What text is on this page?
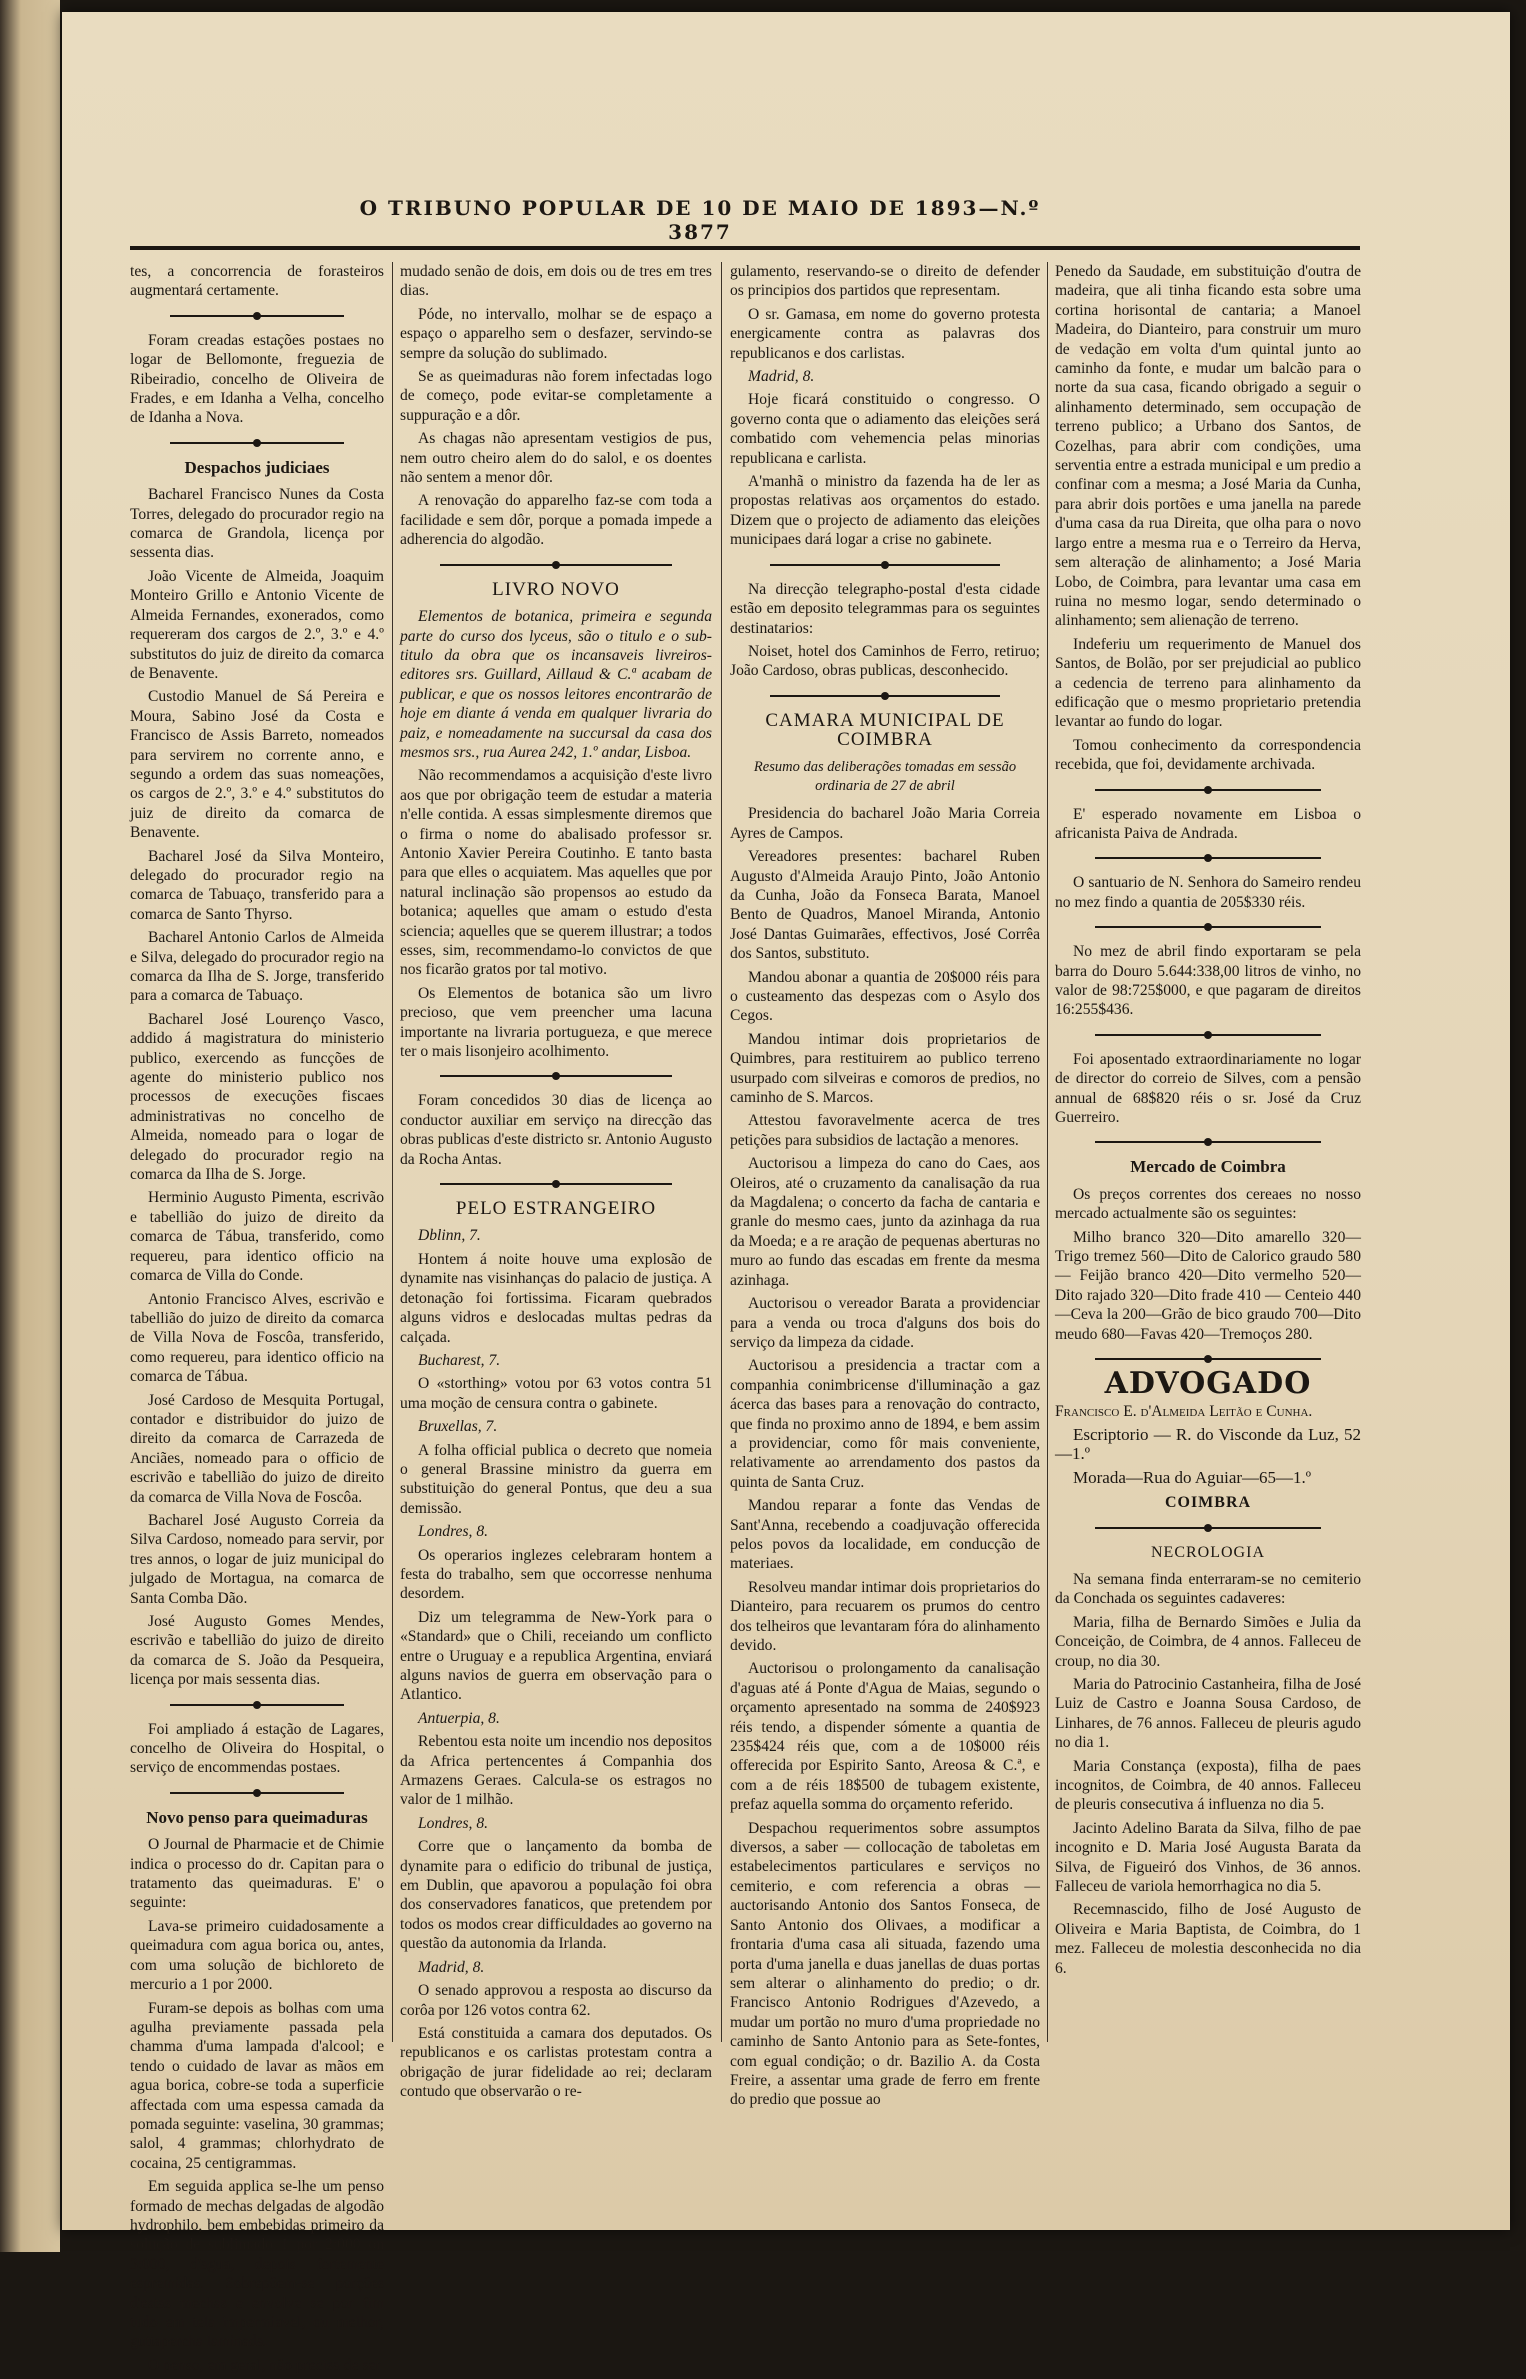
O TRIBUNO POPULAR DE 10 DE MAIO DE 1893—N.º 3877

tes, a concorrencia de forasteiros augmentará certamente.

Foram creadas estações postaes no logar de Bellomonte, freguezia de Ribeiradio, concelho de Oliveira de Frades, e em Idanha a Velha, concelho de Idanha a Nova.

Despachos judiciaes

Bacharel Francisco Nunes da Costa Torres, delegado do procurador regio na comarca de Grandola, licença por sessenta dias.

João Vicente de Almeida, Joaquim Monteiro Grillo e Antonio Vicente de Almeida Fernandes, exonerados, como requereram dos cargos de 2.º, 3.º e 4.º substitutos do juiz de direito da comarca de Benavente.

Custodio Manuel de Sá Pereira e Moura, Sabino José da Costa e Francisco de Assis Barreto, nomeados para servirem no corrente anno, e segundo a ordem das suas nomeações, os cargos de 2.º, 3.º e 4.º substitutos do juiz de direito da comarca de Benavente.

Bacharel José da Silva Monteiro, delegado do procurador regio na comarca de Tabuaço, transferido para a comarca de Santo Thyrso.

Bacharel Antonio Carlos de Almeida e Silva, delegado do procurador regio na comarca da Ilha de S. Jorge, transferido para a comarca de Tabuaço.

Bacharel José Lourenço Vasco, addido á magistratura do ministerio publico, exercendo as funcções de agente do ministerio publico nos processos de execuções fiscaes administrativas no concelho de Almeida, nomeado para o logar de delegado do procurador regio na comarca da Ilha de S. Jorge.

Herminio Augusto Pimenta, escrivão e tabellião do juizo de direito da comarca de Tábua, transferido, como requereu, para identico officio na comarca de Villa do Conde.

Antonio Francisco Alves, escrivão e tabellião do juizo de direito da comarca de Villa Nova de Foscôa, transferido, como requereu, para identico officio na comarca de Tábua.

José Cardoso de Mesquita Portugal, contador e distribuidor do juizo de direito da comarca de Carrazeda de Anciães, nomeado para o officio de escrivão e tabellião do juizo de direito da comarca de Villa Nova de Foscôa.

Bacharel José Augusto Correia da Silva Cardoso, nomeado para servir, por tres annos, o logar de juiz municipal do julgado de Mortagua, na comarca de Santa Comba Dão.

José Augusto Gomes Mendes, escrivão e tabellião do juizo de direito da comarca de S. João da Pesqueira, licença por mais sessenta dias.

Foi ampliado á estação de Lagares, concelho de Oliveira do Hospital, o serviço de encommendas postaes.

Novo penso para queimaduras

O Journal de Pharmacie et de Chimie indica o processo do dr. Capitan para o tratamento das queimaduras. E' o seguinte:

Lava-se primeiro cuidadosamente a queimadura com agua borica ou, antes, com uma solução de bichloreto de mercurio a 1 por 2000.

Furam-se depois as bolhas com uma agulha previamente passada pela chamma d'uma lampada d'alcool; e tendo o cuidado de lavar as mãos em agua borica, cobre-se toda a superficie affectada com uma espessa camada da pomada seguinte: vaselina, 30 grammas; salol, 4 grammas; chlorhydrato de cocaina, 25 centigrammas.

Em seguida applica se-lhe um penso formado de mechas delgadas de algodão hydrophilo, bem embebidas primeiro da solução de sublimado 1 por 2:000 on 3:000, d'agua, depois fortemente espremidas. Sobrepõem-se porções d'estas mechas e envolve se por fim tudo em tela impermiavel, ou melhor, guttapercha laminada.

O penso, em geral, não precisa de ser

mudado senão de dois, em dois ou de tres em tres dias.

Póde, no intervallo, molhar se de espaço a espaço o apparelho sem o desfazer, servindo-se sempre da solução do sublimado.

Se as queimaduras não forem infectadas logo de começo, pode evitar-se completamente a suppuração e a dôr.

As chagas não apresentam vestigios de pus, nem outro cheiro alem do do salol, e os doentes não sentem a menor dôr.

A renovação do apparelho faz-se com toda a facilidade e sem dôr, porque a pomada impede a adherencia do algodão.

LIVRO NOVO

Elementos de botanica, primeira e segunda parte do curso dos lyceus, são o titulo e o sub-titulo da obra que os incansaveis livreiros-editores srs. Guillard, Aillaud & C.ª acabam de publicar, e que os nossos leitores encontrarão de hoje em diante á venda em qualquer livraria do paiz, e nomeadamente na succursal da casa dos mesmos srs., rua Aurea 242, 1.º andar, Lisboa.

Não recommendamos a acquisição d'este livro aos que por obrigação teem de estudar a materia n'elle contida. A essas simplesmente diremos que o firma o nome do abalisado professor sr. Antonio Xavier Pereira Coutinho. E tanto basta para que elles o acquiatem. Mas aquelles que por natural inclinação são propensos ao estudo da botanica; aquelles que amam o estudo d'esta sciencia; aquelles que se querem illustrar; a todos esses, sim, recommendamo-lo convictos de que nos ficarão gratos por tal motivo.

Os Elementos de botanica são um livro precioso, que vem preencher uma lacuna importante na livraria portugueza, e que merece ter o mais lisonjeiro acolhimento.

Foram concedidos 30 dias de licença ao conductor auxiliar em serviço na direcção das obras publicas d'este districto sr. Antonio Augusto da Rocha Antas.

PELO ESTRANGEIRO

Dblinn, 7.

Hontem á noite houve uma explosão de dynamite nas visinhanças do palacio de justiça. A detonação foi fortissima. Ficaram quebrados alguns vidros e deslocadas multas pedras da calçada.

Bucharest, 7.

O «storthing» votou por 63 votos contra 51 uma moção de censura contra o gabinete.

Bruxellas, 7.

A folha official publica o decreto que nomeia o general Brassine ministro da guerra em substituição do general Pontus, que deu a sua demissão.

Londres, 8.

Os operarios inglezes celebraram hontem a festa do trabalho, sem que occorresse nenhuma desordem.

Diz um telegramma de New-York para o «Standard» que o Chili, receiando um conflicto entre o Uruguay e a republica Argentina, enviará alguns navios de guerra em observação para o Atlantico.

Antuerpia, 8.

Rebentou esta noite um incendio nos depositos da Africa pertencentes á Companhia dos Armazens Geraes. Calcula-se os estragos no valor de 1 milhão.

Londres, 8.

Corre que o lançamento da bomba de dynamite para o edificio do tribunal de justiça, em Dublin, que apavorou a população foi obra dos conservadores fanaticos, que pretendem por todos os modos crear difficuldades ao governo na questão da autonomia da Irlanda.

Madrid, 8.

O senado approvou a resposta ao discurso da corôa por 126 votos contra 62.

Está constituida a camara dos deputados. Os republicanos e os carlistas protestam contra a obrigação de jurar fidelidade ao rei; declaram contudo que observarão o re-

gulamento, reservando-se o direito de defender os principios dos partidos que representam.

O sr. Gamasa, em nome do governo protesta energicamente contra as palavras dos republicanos e dos carlistas.

Madrid, 8.

Hoje ficará constituido o congresso. O governo conta que o adiamento das eleições será combatido com vehemencia pelas minorias republicana e carlista.

A'manhã o ministro da fazenda ha de ler as propostas relativas aos orçamentos do estado. Dizem que o projecto de adiamento das eleições municipaes dará logar a crise no gabinete.

Na direcção telegrapho-postal d'esta cidade estão em deposito telegrammas para os seguintes destinatarios:

Noiset, hotel dos Caminhos de Ferro, retiruo; João Cardoso, obras publicas, desconhecido.

CAMARA MUNICIPAL DE COIMBRA
Resumo das deliberações tomadas em sessão ordinaria de 27 de abril

Presidencia do bacharel João Maria Correia Ayres de Campos.

Vereadores presentes: bacharel Ruben Augusto d'Almeida Araujo Pinto, João Antonio da Cunha, João da Fonseca Barata, Manoel Bento de Quadros, Manoel Miranda, Antonio José Dantas Guimarães, effectivos, José Corrêa dos Santos, substituto.

Mandou abonar a quantia de 20$000 réis para o custeamento das despezas com o Asylo dos Cegos.

Mandou intimar dois proprietarios de Quimbres, para restituirem ao publico terreno usurpado com silveiras e comoros de predios, no caminho de S. Marcos.

Attestou favoravelmente acerca de tres petições para subsidios de lactação a menores.

Auctorisou a limpeza do cano do Caes, aos Oleiros, até o cruzamento da canalisação da rua da Magdalena; o concerto da facha de cantaria e granle do mesmo caes, junto da azinhaga da rua da Moeda; e a re aração de pequenas aberturas no muro ao fundo das escadas em frente da mesma azinhaga.

Auctorisou o vereador Barata a providenciar para a venda ou troca d'alguns dos bois do serviço da limpeza da cidade.

Auctorisou a presidencia a tractar com a companhia conimbricense d'illuminação a gaz ácerca das bases para a renovação do contracto, que finda no proximo anno de 1894, e bem assim a providenciar, como fôr mais conveniente, relativamente ao arrendamento dos pastos da quinta de Santa Cruz.

Mandou reparar a fonte das Vendas de Sant'Anna, recebendo a coadjuvação offerecida pelos povos da localidade, em conducção de materiaes.

Resolveu mandar intimar dois proprietarios do Dianteiro, para recuarem os prumos do centro dos telheiros que levantaram fóra do alinhamento devido.

Auctorisou o prolongamento da canalisação d'aguas até á Ponte d'Agua de Maias, segundo o orçamento apresentado na somma de 240$923 réis tendo, a dispender sómente a quantia de 235$424 réis que, com a de 10$000 réis offerecida por Espirito Santo, Areosa & C.ª, e com a de réis 18$500 de tubagem existente, prefaz aquella somma do orçamento referido.

Despachou requerimentos sobre assumptos diversos, a saber — collocação de taboletas em estabelecimentos particulares e serviços no cemiterio, e com referencia a obras — auctorisando Antonio dos Santos Fonseca, de Santo Antonio dos Olivaes, a modificar a frontaria d'uma casa ali situada, fazendo uma porta d'uma janella e duas janellas de duas portas sem alterar o alinhamento do predio; o dr. Francisco Antonio Rodrigues d'Azevedo, a mudar um portão no muro d'uma propriedade no caminho de Santo Antonio para as Sete-fontes, com egual condição; o dr. Bazilio A. da Costa Freire, a assentar uma grade de ferro em frente do predio que possue ao

Penedo da Saudade, em substituição d'outra de madeira, que ali tinha ficando esta sobre uma cortina horisontal de cantaria; a Manoel Madeira, do Dianteiro, para construir um muro de vedação em volta d'um quintal junto ao caminho da fonte, e mudar um balcão para o norte da sua casa, ficando obrigado a seguir o alinhamento determinado, sem occupação de terreno publico; a Urbano dos Santos, de Cozelhas, para abrir com condições, uma serventia entre a estrada municipal e um predio a confinar com a mesma; a José Maria da Cunha, para abrir dois portões e uma janella na parede d'uma casa da rua Direita, que olha para o novo largo entre a mesma rua e o Terreiro da Herva, sem alteração de alinhamento; a José Maria Lobo, de Coimbra, para levantar uma casa em ruina no mesmo logar, sendo determinado o alinhamento; sem alienação de terreno.

Indeferiu um requerimento de Manuel dos Santos, de Bolão, por ser prejudicial ao publico a cedencia de terreno para alinhamento da edificação que o mesmo proprietario pretendia levantar ao fundo do logar.

Tomou conhecimento da correspondencia recebida, que foi, devidamente archivada.

E' esperado novamente em Lisboa o africanista Paiva de Andrada.

O santuario de N. Senhora do Sameiro rendeu no mez findo a quantia de 205$330 réis.

No mez de abril findo exportaram se pela barra do Douro 5.644:338,00 litros de vinho, no valor de 98:725$000, e que pagaram de direitos 16:255$436.

Foi aposentado extraordinariamente no logar de director do correio de Silves, com a pensão annual de 68$820 réis o sr. José da Cruz Guerreiro.

Mercado de Coimbra

Os preços correntes dos cereaes no nosso mercado actualmente são os seguintes:

Milho branco 320—Dito amarello 320—Trigo tremez 560—Dito de Calorico graudo 580 — Feijão branco 420—Dito vermelho 520—Dito rajado 320—Dito frade 410 — Centeio 440—Ceva la 200—Grão de bico graudo 700—Dito meudo 680—Favas 420—Tremoços 280.

ADVOGADO

Francisco E. d'Almeida Leitão e Cunha.

Escriptorio — R. do Visconde da Luz, 52—1.º

Morada—Rua do Aguiar—65—1.º

COIMBRA
NECROLOGIA

Na semana finda enterraram-se no cemiterio da Conchada os seguintes cadaveres:

Maria, filha de Bernardo Simões e Julia da Conceição, de Coimbra, de 4 annos. Falleceu de croup, no dia 30.

Maria do Patrocinio Castanheira, filha de José Luiz de Castro e Joanna Sousa Cardoso, de Linhares, de 76 annos. Falleceu de pleuris agudo no dia 1.

Maria Constança (exposta), filha de paes incognitos, de Coimbra, de 40 annos. Falleceu de pleuris consecutiva á influenza no dia 5.

Jacinto Adelino Barata da Silva, filho de pae incognito e D. Maria José Augusta Barata da Silva, de Figueiró dos Vinhos, de 36 annos. Falleceu de variola hemorrhagica no dia 5.

Recemnascido, filho de José Augusto de Oliveira e Maria Baptista, de Coimbra, do 1 mez. Falleceu de molestia desconhecida no dia 6.
